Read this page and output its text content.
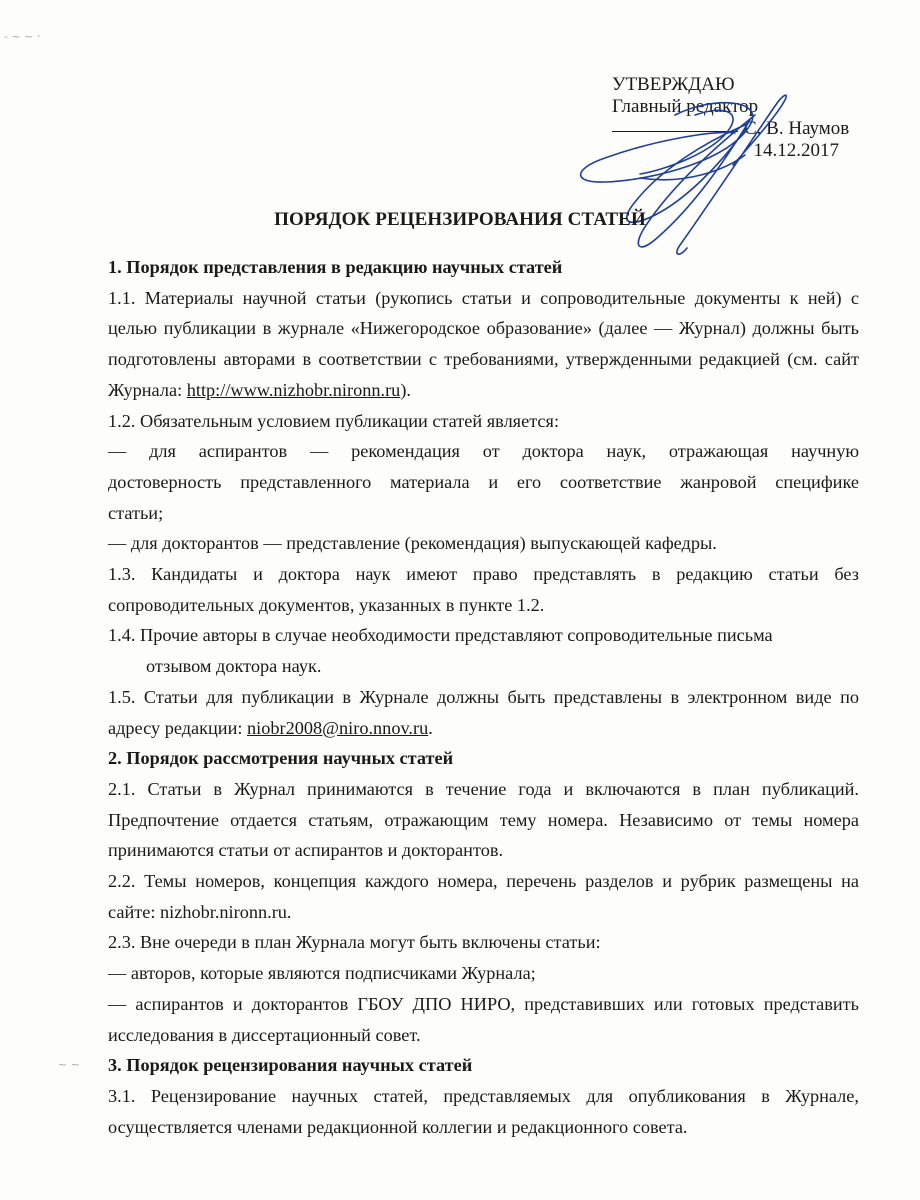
- ~ ~ ·
~ ~
УТВЕРЖДАЮ
Главный редактор
С. В. Наумов
14.12.2017
ПОРЯДОК РЕЦЕНЗИРОВАНИЯ СТАТЕЙ

1. Порядок представления в редакцию научных статей

1.1. Материалы научной статьи (рукопись статьи и сопроводительные документы к ней) с целью публикации в журнале «Нижегородское образование» (далее — Журнал) должны быть подготовлены авторами в соответствии с требованиями, утвержденными редакцией (см. сайт Журнала: http://www.nizhobr.nironn.ru).

1.2. Обязательным условием публикации статей является:

— для аспирантов — рекомендация от доктора наук, отражающая научную достоверность представленного материала и его соответствие жанровой специфике статьи;

— для докторантов — представление (рекомендация) выпускающей кафедры.

1.3. Кандидаты и доктора наук имеют право представлять в редакцию статьи без сопроводительных документов, указанных в пункте 1.2.

1.4. Прочие авторы в случае необходимости представляют сопроводительные письма

отзывом доктора наук.

1.5. Статьи для публикации в Журнале должны быть представлены в электронном виде по адресу редакции: niobr2008@niro.nnov.ru.

2. Порядок рассмотрения научных статей

2.1. Статьи в Журнал принимаются в течение года и включаются в план публикаций. Предпочтение отдается статьям, отражающим тему номера. Независимо от темы номера принимаются статьи от аспирантов и докторантов.

2.2. Темы номеров, концепция каждого номера, перечень разделов и рубрик размещены на сайте: nizhobr.nironn.ru.

2.3. Вне очереди в план Журнала могут быть включены статьи:

— авторов, которые являются подписчиками Журнала;

— аспирантов и докторантов ГБОУ ДПО НИРО, представивших или готовых представить исследования в диссертационный совет.

3. Порядок рецензирования научных статей

3.1. Рецензирование научных статей, представляемых для опубликования в Журнале, осуществляется членами редакционной коллегии и редакционного совета.
